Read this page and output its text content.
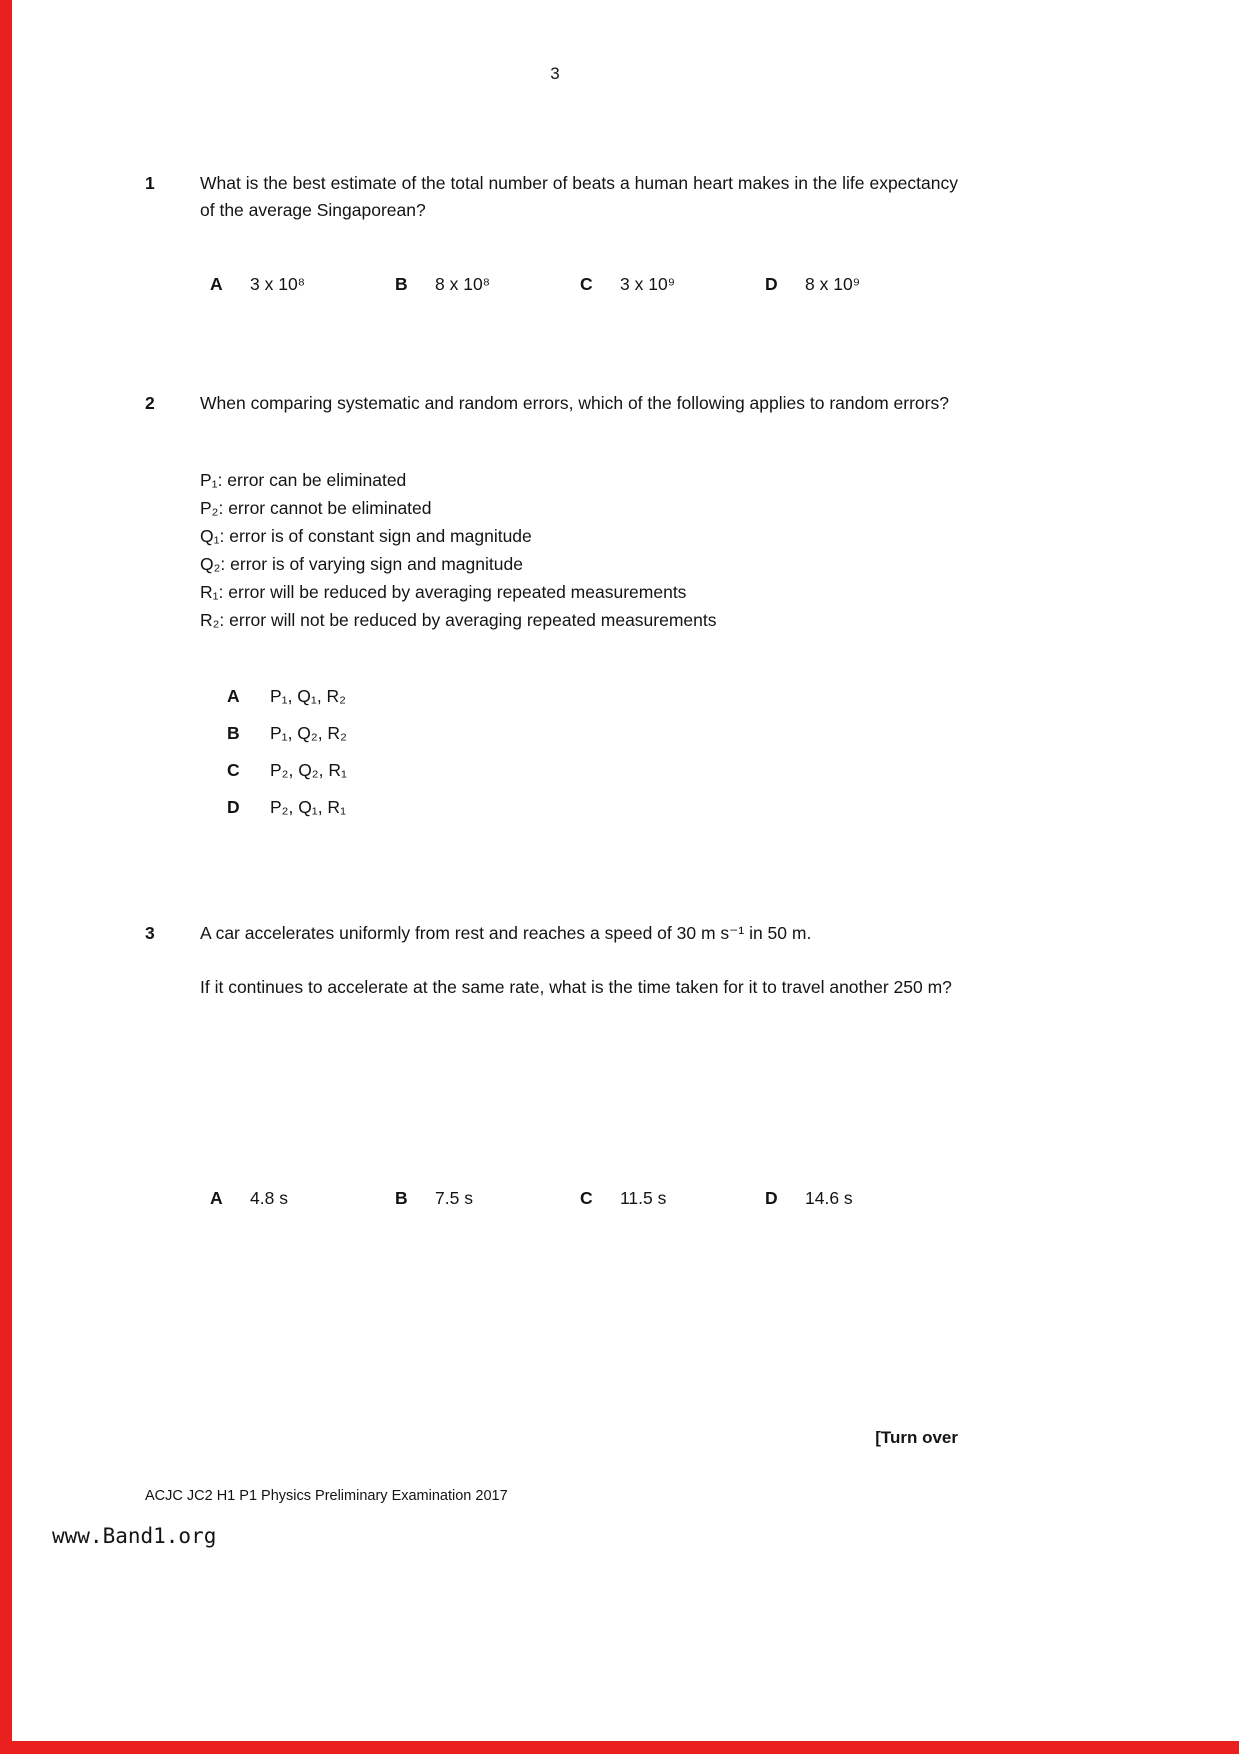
3
1	What is the best estimate of the total number of beats a human heart makes in the life expectancy of the average Singaporean?
A	3 x 10⁸	B	8 x 10⁸	C	3 x 10⁹	D	8 x 10⁹
2	When comparing systematic and random errors, which of the following applies to random errors?
P₁: error can be eliminated
P₂: error cannot be eliminated
Q₁: error is of constant sign and magnitude
Q₂: error is of varying sign and magnitude
R₁: error will be reduced by averaging repeated measurements
R₂: error will not be reduced by averaging repeated measurements
A	P₁, Q₁, R₂
B	P₁, Q₂, R₂
C	P₂, Q₂, R₁
D	P₂, Q₁, R₁
3	A car accelerates uniformly from rest and reaches a speed of 30 m s⁻¹ in 50 m.
If it continues to accelerate at the same rate, what is the time taken for it to travel another 250 m?
A	4.8 s	B	7.5 s	C	11.5 s	D	14.6 s
[Turn over
ACJC JC2 H1 P1 Physics Preliminary Examination 2017
www.Band1.org
